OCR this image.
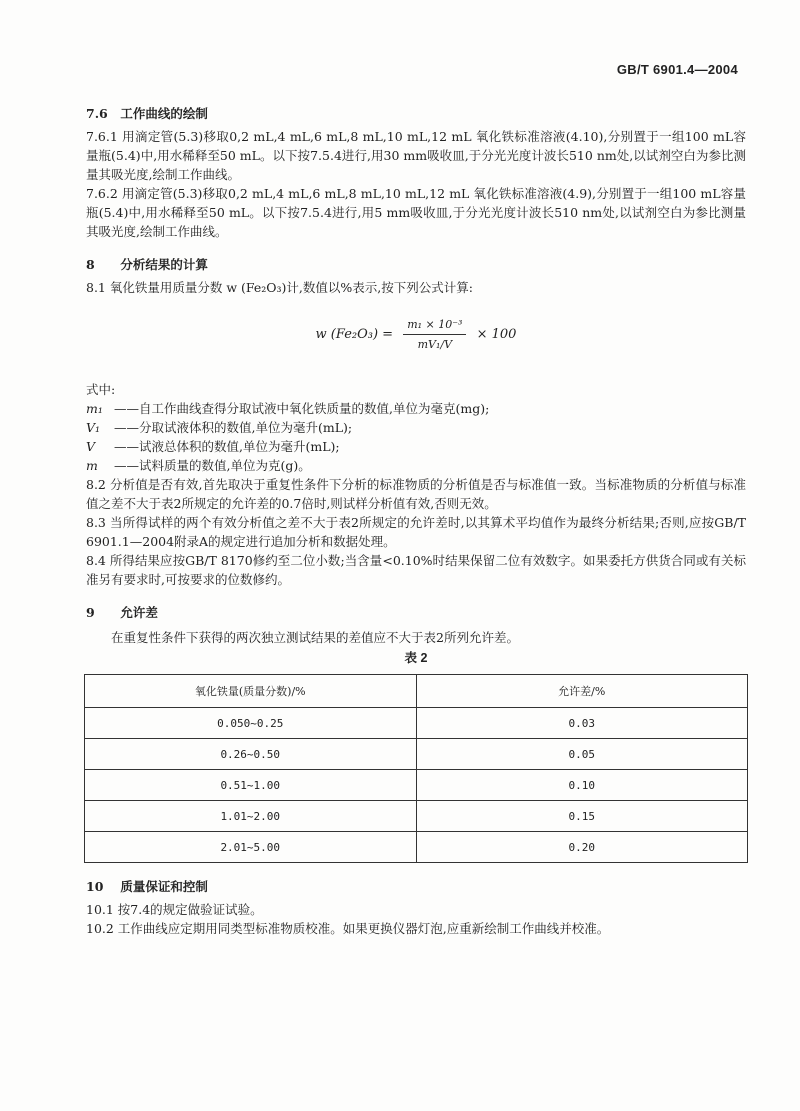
GB/T 6901.4—2004
7.6 工作曲线的绘制

7.6.1 用滴定管(5.3)移取0,2 mL,4 mL,6 mL,8 mL,10 mL,12 mL 氧化铁标准溶液(4.10),分别置于一组100 mL容量瓶(5.4)中,用水稀释至50 mL。以下按7.5.4进行,用30 mm吸收皿,于分光光度计波长510 nm处,以试剂空白为参比测量其吸光度,绘制工作曲线。

7.6.2 用滴定管(5.3)移取0,2 mL,4 mL,6 mL,8 mL,10 mL,12 mL 氧化铁标准溶液(4.9),分别置于一组100 mL容量瓶(5.4)中,用水稀释至50 mL。以下按7.5.4进行,用5 mm吸收皿,于分光光度计波长510 nm处,以试剂空白为参比测量其吸光度,绘制工作曲线。

8 分析结果的计算

8.1 氧化铁量用质量分数 w (Fe₂O₃)计,数值以%表示,按下列公式计算:

w $(Fe_2O_3) = \frac{\text{m₁ × 10⁻³}}{\text{mV₁/V}} \times 100$
式中:
m₁ ——自工作曲线查得分取试液中氧化铁质量的数值,单位为毫克(mg);
V₁ ——分取试液体积的数值,单位为毫升(mL);
V ——试液总体积的数值,单位为毫升(mL);
m ——试料质量的数值,单位为克(g)。

8.2 分析值是否有效,首先取决于重复性条件下分析的标准物质的分析值是否与标准值一致。当标准物质的分析值与标准值之差不大于表2所规定的允许差的0.7倍时,则试样分析值有效,否则无效。

8.3 当所得试样的两个有效分析值之差不大于表2所规定的允许差时,以其算术平均值作为最终分析结果;否则,应按GB/T 6901.1—2004附录A的规定进行追加分析和数据处理。

8.4 所得结果应按GB/T 8170修约至二位小数;当含量<0.10%时结果保留二位有效数字。如果委托方供货合同或有关标准另有要求时,可按要求的位数修约。

9 允许差

在重复性条件下获得的两次独立测试结果的差值应不大于表2所列允许差。

表 2
氧化铁量(质量分数)/%	允许差/%
0.050~0.25	0.03
0.26~0.50	0.05
0.51~1.00	0.10
1.01~2.00	0.15
2.01~5.00	0.20
10 质量保证和控制

10.1 按7.4的规定做验证试验。

10.2 工作曲线应定期用同类型标准物质校准。如果更换仪器灯泡,应重新绘制工作曲线并校准。
